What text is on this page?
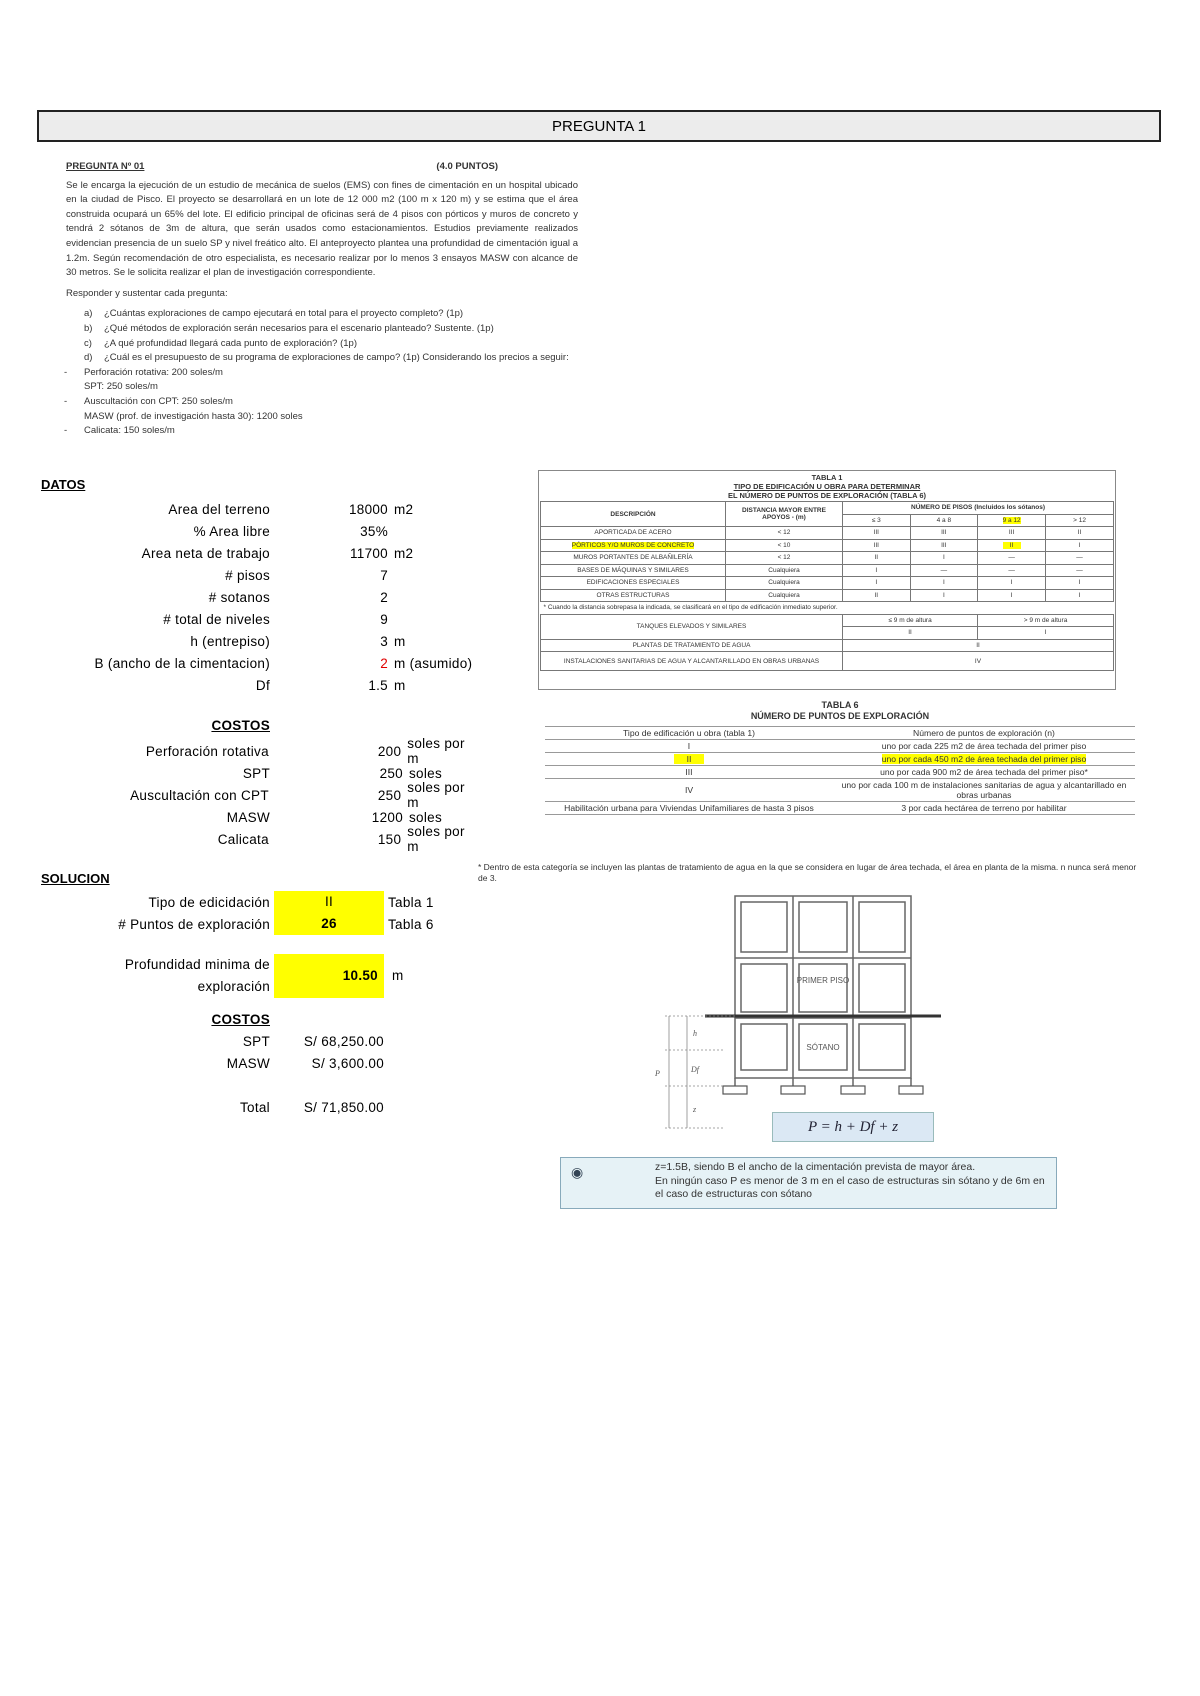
PREGUNTA 1
PREGUNTA Nº 01	(4.0 PUNTOS)

Se le encarga la ejecución de un estudio de mecánica de suelos (EMS) con fines de cimentación en un hospital ubicado en la ciudad de Pisco. El proyecto se desarrollará en un lote de 12 000 m2 (100 m x 120 m) y se estima que el área construida ocupará un 65% del lote. El edificio principal de oficinas será de 4 pisos con pórticos y muros de concreto y tendrá 2 sótanos de 3m de altura, que serán usados como estacionamientos. Estudios previamente realizados evidencian presencia de un suelo SP y nivel freático alto. El anteproyecto plantea una profundidad de cimentación igual a 1.2m. Según recomendación de otro especialista, es necesario realizar por lo menos 3 ensayos MASW con alcance de 30 metros. Se le solicita realizar el plan de investigación correspondiente.

Responder y sustentar cada pregunta:

a) ¿Cuántas exploraciones de campo ejecutará en total para el proyecto completo? (1p)
b) ¿Qué métodos de exploración serán necesarios para el escenario planteado? Sustente. (1p)
c) ¿A qué profundidad llegará cada punto de exploración? (1p)
d) ¿Cuál es el presupuesto de su programa de exploraciones de campo? (1p) Considerando los precios a seguir:
- Perforación rotativa: 200 soles/m
SPT: 250 soles/m
- Auscultación con CPT: 250 soles/m
MASW (prof. de investigación hasta 30): 1200 soles
- Calicata: 150 soles/m
DATOS
Area del terreno	18000 m2
% Area libre	35%
Area neta de trabajo	11700 m2
# pisos	7
# sotanos	2
# total de niveles	9
h (entrepiso)	3 m
B (ancho de la cimentacion)	2 m (asumido)
Df	1.5 m
COSTOS
Perforación rotativa	200 soles por m
SPT	250 soles
Auscultación con CPT	250 soles por m
MASW	1200 soles
Calicata	150 soles por m
SOLUCION
Tipo de edicidación	II	Tabla 1
# Puntos de exploración	26	Tabla 6
Profundidad minima de
exploración
10.50	m
COSTOS
SPT	S/ 68,250.00
MASW	S/ 3,600.00
Total	S/ 71,850.00
TABLA 1
TIPO DE EDIFICACIÓN U OBRA PARA DETERMINAR
EL NÚMERO DE PUNTOS DE EXPLORACIÓN (TABLA 6)
DESCRIPCIÓN	DISTANCIA MAYOR ENTRE APOYOS - (m)	NÚMERO DE PISOS (Incluidos los sótanos)			
		≤ 3	4 a 8	9 a 12	> 12
APORTICADA DE ACERO	< 12	III	III	III	II
PÓRTICOS Y/O MUROS DE CONCRETO	< 10	III	III	II	I
MUROS PORTANTES DE ALBAÑILERÍA	< 12	II	I	—	—
BASES DE MÁQUINAS Y SIMILARES	Cualquiera	I	—	—	—
EDIFICACIONES ESPECIALES	Cualquiera	I	I	I	I
OTRAS ESTRUCTURAS	Cualquiera	II	I	I	I
* Cuando la distancia sobrepasa la indicada, se clasificará en el tipo de edificación inmediato superior.					
TANQUES ELEVADOS Y SIMILARES		≤ 9 m de altura		> 9 m de altura	
		II		I	
PLANTAS DE TRATAMIENTO DE AGUA		II			
INSTALACIONES SANITARIAS DE AGUA Y ALCANTARILLADO EN OBRAS URBANAS		IV			
TABLA 6
NÚMERO DE PUNTOS DE EXPLORACIÓN
Tipo de edificación u obra (tabla 1)	Número de puntos de exploración (n)
I	uno por cada 225 m2 de área techada del primer piso
II	uno por cada 450 m2 de área techada del primer piso
III	uno por cada 900 m2 de área techada del primer piso*
IV	uno por cada 100 m de instalaciones sanitarias de agua y alcantarillado en obras urbanas
Habilitación urbana para Viviendas Unifamiliares de hasta 3 pisos	3 por cada hectárea de terreno por habilitar
* Dentro de esta categoría se incluyen las plantas de tratamiento de agua en la que se considera en lugar de área techada, el área en planta de la misma. n nunca será menor de 3.
PRIMER PISO
SÓTANO
h
P	Df
z
P = h + Df + z
◉	z=1.5B, siendo B el ancho de la cimentación prevista de mayor área.
En ningún caso P es menor de 3 m en el caso de estructuras sin sótano y de 6m en el caso de estructuras con sótano
